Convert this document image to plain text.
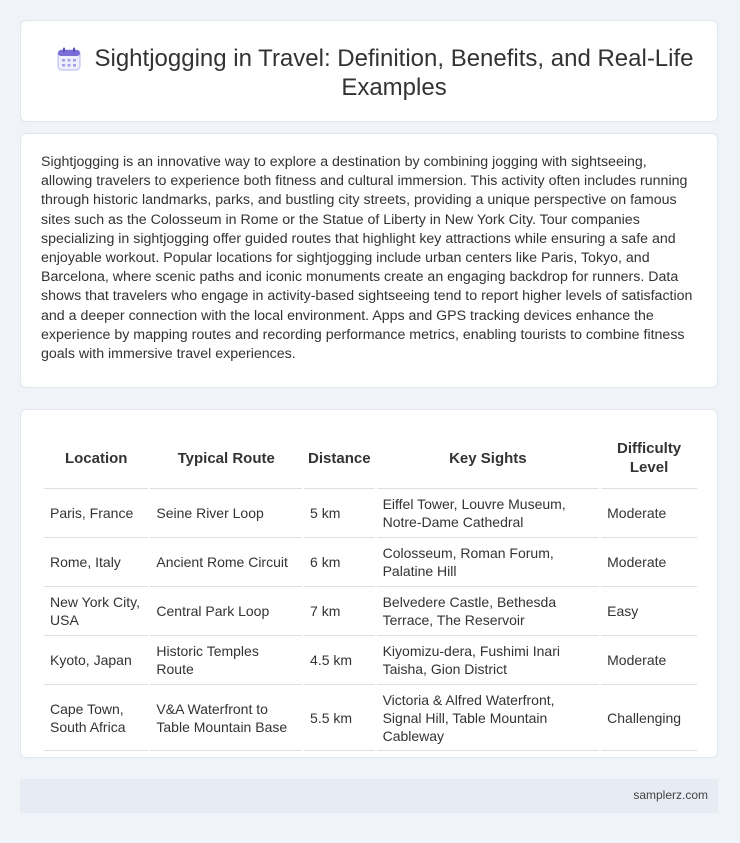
Sightjogging in Travel: Definition, Benefits, and Real-Life Examples

Sightjogging is an innovative way to explore a destination by combining jogging with sightseeing, allowing travelers to experience both fitness and cultural immersion. This activity often includes running through historic landmarks, parks, and bustling city streets, providing a unique perspective on famous sites such as the Colosseum in Rome or the Statue of Liberty in New York City. Tour companies specializing in sightjogging offer guided routes that highlight key attractions while ensuring a safe and enjoyable workout. Popular locations for sightjogging include urban centers like Paris, Tokyo, and Barcelona, where scenic paths and iconic monuments create an engaging backdrop for runners. Data shows that travelers who engage in activity-based sightseeing tend to report higher levels of satisfaction and a deeper connection with the local environment. Apps and GPS tracking devices enhance the experience by mapping routes and recording performance metrics, enabling tourists to combine fitness goals with immersive travel experiences.

Location	Typical Route	Distance	Key Sights	Difficulty Level
Paris, France	Seine River Loop	5 km	Eiffel Tower, Louvre Museum, Notre-Dame Cathedral	Moderate
Rome, Italy	Ancient Rome Circuit	6 km	Colosseum, Roman Forum, Palatine Hill	Moderate
New York City, USA	Central Park Loop	7 km	Belvedere Castle, Bethesda Terrace, The Reservoir	Easy
Kyoto, Japan	Historic Temples Route	4.5 km	Kiyomizu-dera, Fushimi Inari Taisha, Gion District	Moderate
Cape Town, South Africa	V&A Waterfront to Table Mountain Base	5.5 km	Victoria & Alfred Waterfront, Signal Hill, Table Mountain Cableway	Challenging
samplerz.com
